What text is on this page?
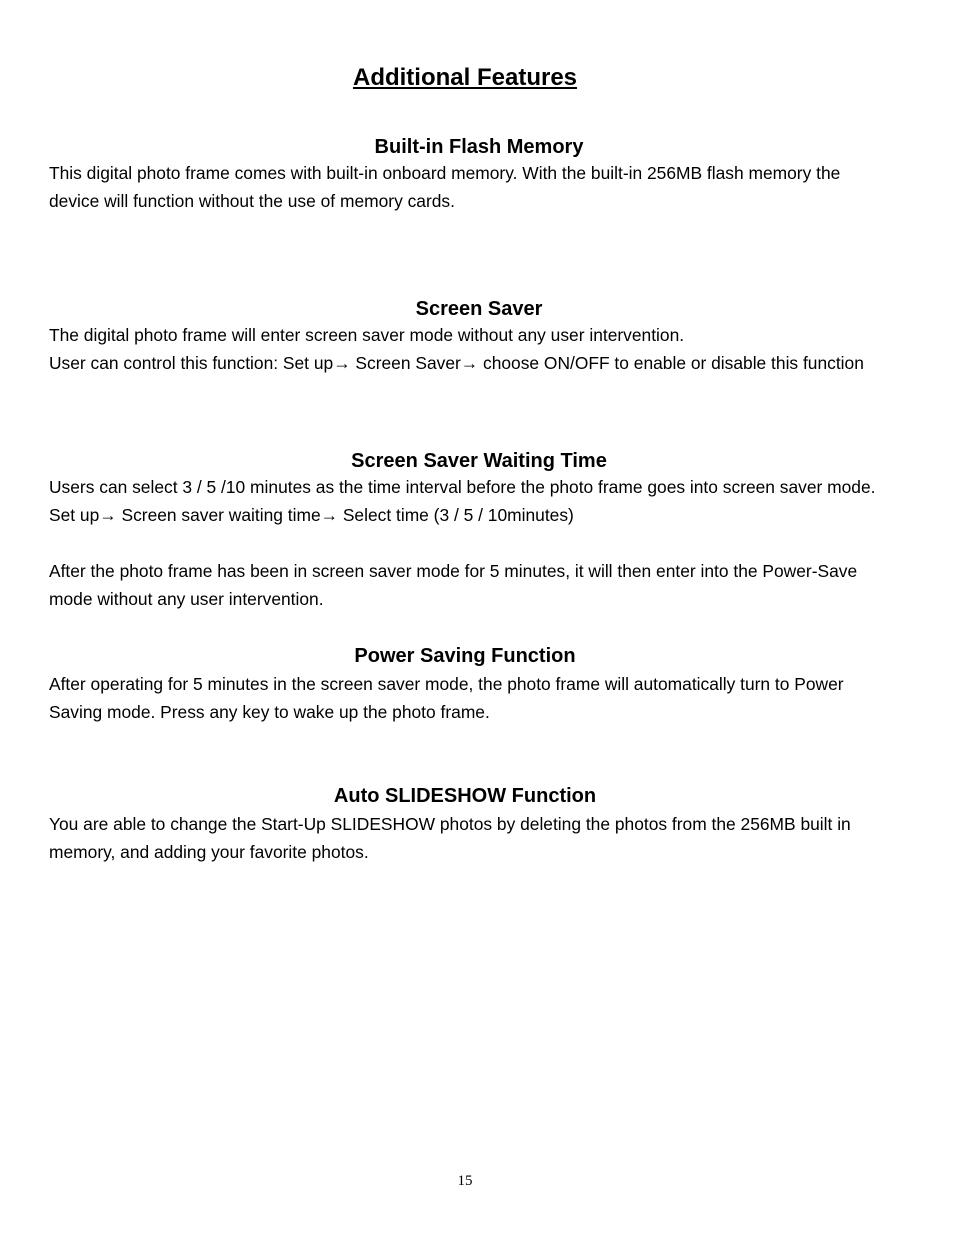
Additional Features
Built-in Flash Memory

This digital photo frame comes with built-in onboard memory. With the built-in 256MB flash memory the device will function without the use of memory cards.

Screen Saver

The digital photo frame will enter screen saver mode without any user intervention.

User can control this function: Set up→ Screen Saver→ choose ON/OFF to enable or disable this function

Screen Saver Waiting Time

Users can select 3 / 5 /10 minutes as the time interval before the photo frame goes into screen saver mode. Set up→ Screen saver waiting time→ Select time (3 / 5 / 10minutes)

After the photo frame has been in screen saver mode for 5 minutes, it will then enter into the Power-Save mode without any user intervention.

Power Saving Function

After operating for 5 minutes in the screen saver mode, the photo frame will automatically turn to Power Saving mode. Press any key to wake up the photo frame.

Auto SLIDESHOW Function

You are able to change the Start-Up SLIDESHOW photos by deleting the photos from the 256MB built in memory, and adding your favorite photos.

15
